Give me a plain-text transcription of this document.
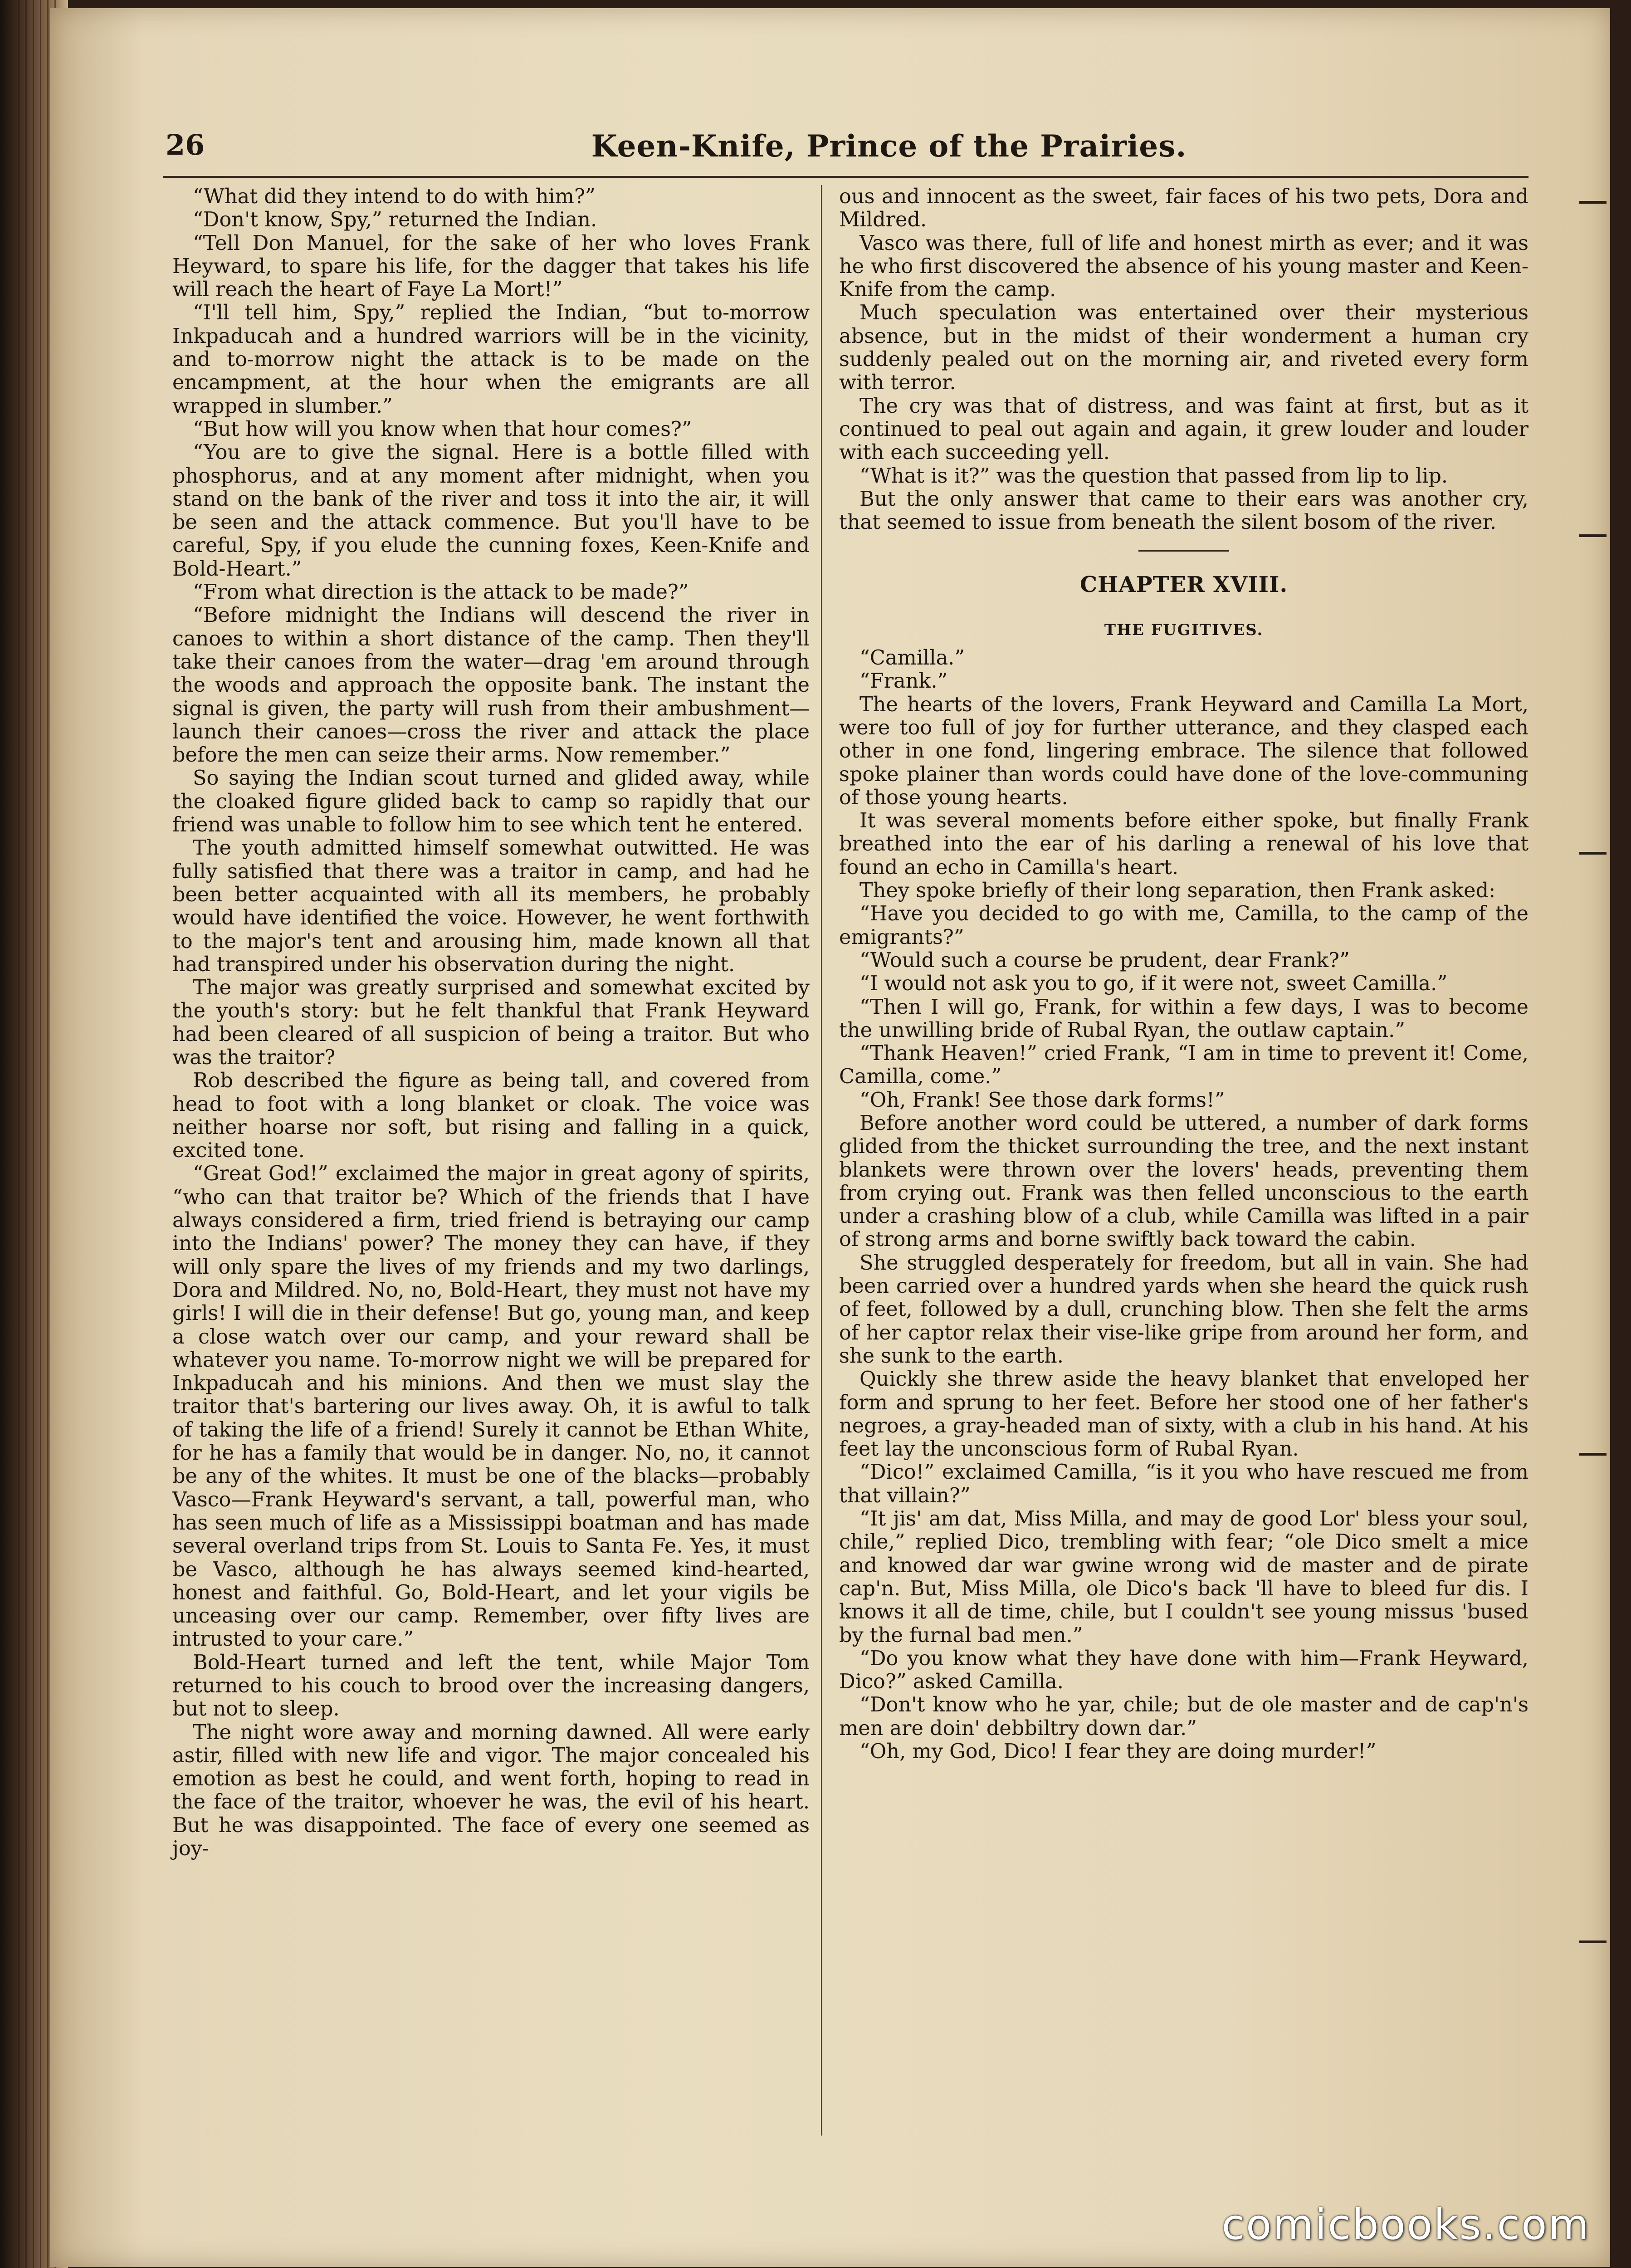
26	Keen-Knife, Prince of the Prairies.

“What did they intend to do with him?”

“Don't know, Spy,” returned the Indian.

“Tell Don Manuel, for the sake of her who loves Frank Heyward, to spare his life, for the dagger that takes his life will reach the heart of Faye La Mort!”

“I'll tell him, Spy,” replied the Indian, “but to-morrow Inkpaducah and a hundred warriors will be in the vicinity, and to-morrow night the attack is to be made on the encampment, at the hour when the emigrants are all wrapped in slumber.”

“But how will you know when that hour comes?”

“You are to give the signal. Here is a bottle filled with phosphorus, and at any moment after midnight, when you stand on the bank of the river and toss it into the air, it will be seen and the attack commence. But you'll have to be careful, Spy, if you elude the cunning foxes, Keen-Knife and Bold-Heart.”

“From what direction is the attack to be made?”

“Before midnight the Indians will descend the river in canoes to within a short distance of the camp. Then they'll take their canoes from the water—drag 'em around through the woods and approach the opposite bank. The instant the signal is given, the party will rush from their ambushment—launch their canoes—cross the river and attack the place before the men can seize their arms. Now remember.”

So saying the Indian scout turned and glided away, while the cloaked figure glided back to camp so rapidly that our friend was unable to follow him to see which tent he entered.

The youth admitted himself somewhat outwitted. He was fully satisfied that there was a traitor in camp, and had he been better acquainted with all its members, he probably would have identified the voice. However, he went forthwith to the major's tent and arousing him, made known all that had transpired under his observation during the night.

The major was greatly surprised and somewhat excited by the youth's story: but he felt thankful that Frank Heyward had been cleared of all suspicion of being a traitor. But who was the traitor?

Rob described the figure as being tall, and covered from head to foot with a long blanket or cloak. The voice was neither hoarse nor soft, but rising and falling in a quick, excited tone.

“Great God!” exclaimed the major in great agony of spirits, “who can that traitor be? Which of the friends that I have always considered a firm, tried friend is betraying our camp into the Indians' power? The money they can have, if they will only spare the lives of my friends and my two darlings, Dora and Mildred. No, no, Bold-Heart, they must not have my girls! I will die in their defense! But go, young man, and keep a close watch over our camp, and your reward shall be whatever you name. To-morrow night we will be prepared for Inkpaducah and his minions. And then we must slay the traitor that's bartering our lives away. Oh, it is awful to talk of taking the life of a friend! Surely it cannot be Ethan White, for he has a family that would be in danger. No, no, it cannot be any of the whites. It must be one of the blacks—probably Vasco—Frank Heyward's servant, a tall, powerful man, who has seen much of life as a Mississippi boatman and has made several overland trips from St. Louis to Santa Fe. Yes, it must be Vasco, although he has always seemed kind-hearted, honest and faithful. Go, Bold-Heart, and let your vigils be unceasing over our camp. Remember, over fifty lives are intrusted to your care.”

Bold-Heart turned and left the tent, while Major Tom returned to his couch to brood over the increasing dangers, but not to sleep.

The night wore away and morning dawned. All were early astir, filled with new life and vigor. The major concealed his emotion as best he could, and went forth, hoping to read in the face of the traitor, whoever he was, the evil of his heart. But he was disappointed. The face of every one seemed as joy-

ous and innocent as the sweet, fair faces of his two pets, Dora and Mildred.

Vasco was there, full of life and honest mirth as ever; and it was he who first discovered the absence of his young master and Keen-Knife from the camp.

Much speculation was entertained over their mysterious absence, but in the midst of their wonderment a human cry suddenly pealed out on the morning air, and riveted every form with terror.

The cry was that of distress, and was faint at first, but as it continued to peal out again and again, it grew louder and louder with each succeeding yell.

“What is it?” was the question that passed from lip to lip.

But the only answer that came to their ears was another cry, that seemed to issue from beneath the silent bosom of the river.

CHAPTER XVIII.

THE FUGITIVES.

“Camilla.”

“Frank.”

The hearts of the lovers, Frank Heyward and Camilla La Mort, were too full of joy for further utterance, and they clasped each other in one fond, lingering embrace. The silence that followed spoke plainer than words could have done of the love-communing of those young hearts.

It was several moments before either spoke, but finally Frank breathed into the ear of his darling a renewal of his love that found an echo in Camilla's heart.

They spoke briefly of their long separation, then Frank asked:

“Have you decided to go with me, Camilla, to the camp of the emigrants?”

“Would such a course be prudent, dear Frank?”

“I would not ask you to go, if it were not, sweet Camilla.”

“Then I will go, Frank, for within a few days, I was to become the unwilling bride of Rubal Ryan, the outlaw captain.”

“Thank Heaven!” cried Frank, “I am in time to prevent it! Come, Camilla, come.”

“Oh, Frank! See those dark forms!”

Before another word could be uttered, a number of dark forms glided from the thicket surrounding the tree, and the next instant blankets were thrown over the lovers' heads, preventing them from crying out. Frank was then felled unconscious to the earth under a crashing blow of a club, while Camilla was lifted in a pair of strong arms and borne swiftly back toward the cabin.

She struggled desperately for freedom, but all in vain. She had been carried over a hundred yards when she heard the quick rush of feet, followed by a dull, crunching blow. Then she felt the arms of her captor relax their vise-like gripe from around her form, and she sunk to the earth.

Quickly she threw aside the heavy blanket that enveloped her form and sprung to her feet. Before her stood one of her father's negroes, a gray-headed man of sixty, with a club in his hand. At his feet lay the unconscious form of Rubal Ryan.

“Dico!” exclaimed Camilla, “is it you who have rescued me from that villain?”

“It jis' am dat, Miss Milla, and may de good Lor' bless your soul, chile,” replied Dico, trembling with fear; “ole Dico smelt a mice and knowed dar war gwine wrong wid de master and de pirate cap'n. But, Miss Milla, ole Dico's back 'll have to bleed fur dis. I knows it all de time, chile, but I couldn't see young missus 'bused by the furnal bad men.”

“Do you know what they have done with him—Frank Heyward, Dico?” asked Camilla.

“Don't know who he yar, chile; but de ole master and de cap'n's men are doin' debbiltry down dar.”

“Oh, my God, Dico! I fear they are doing murder!”

comicbooks.com
